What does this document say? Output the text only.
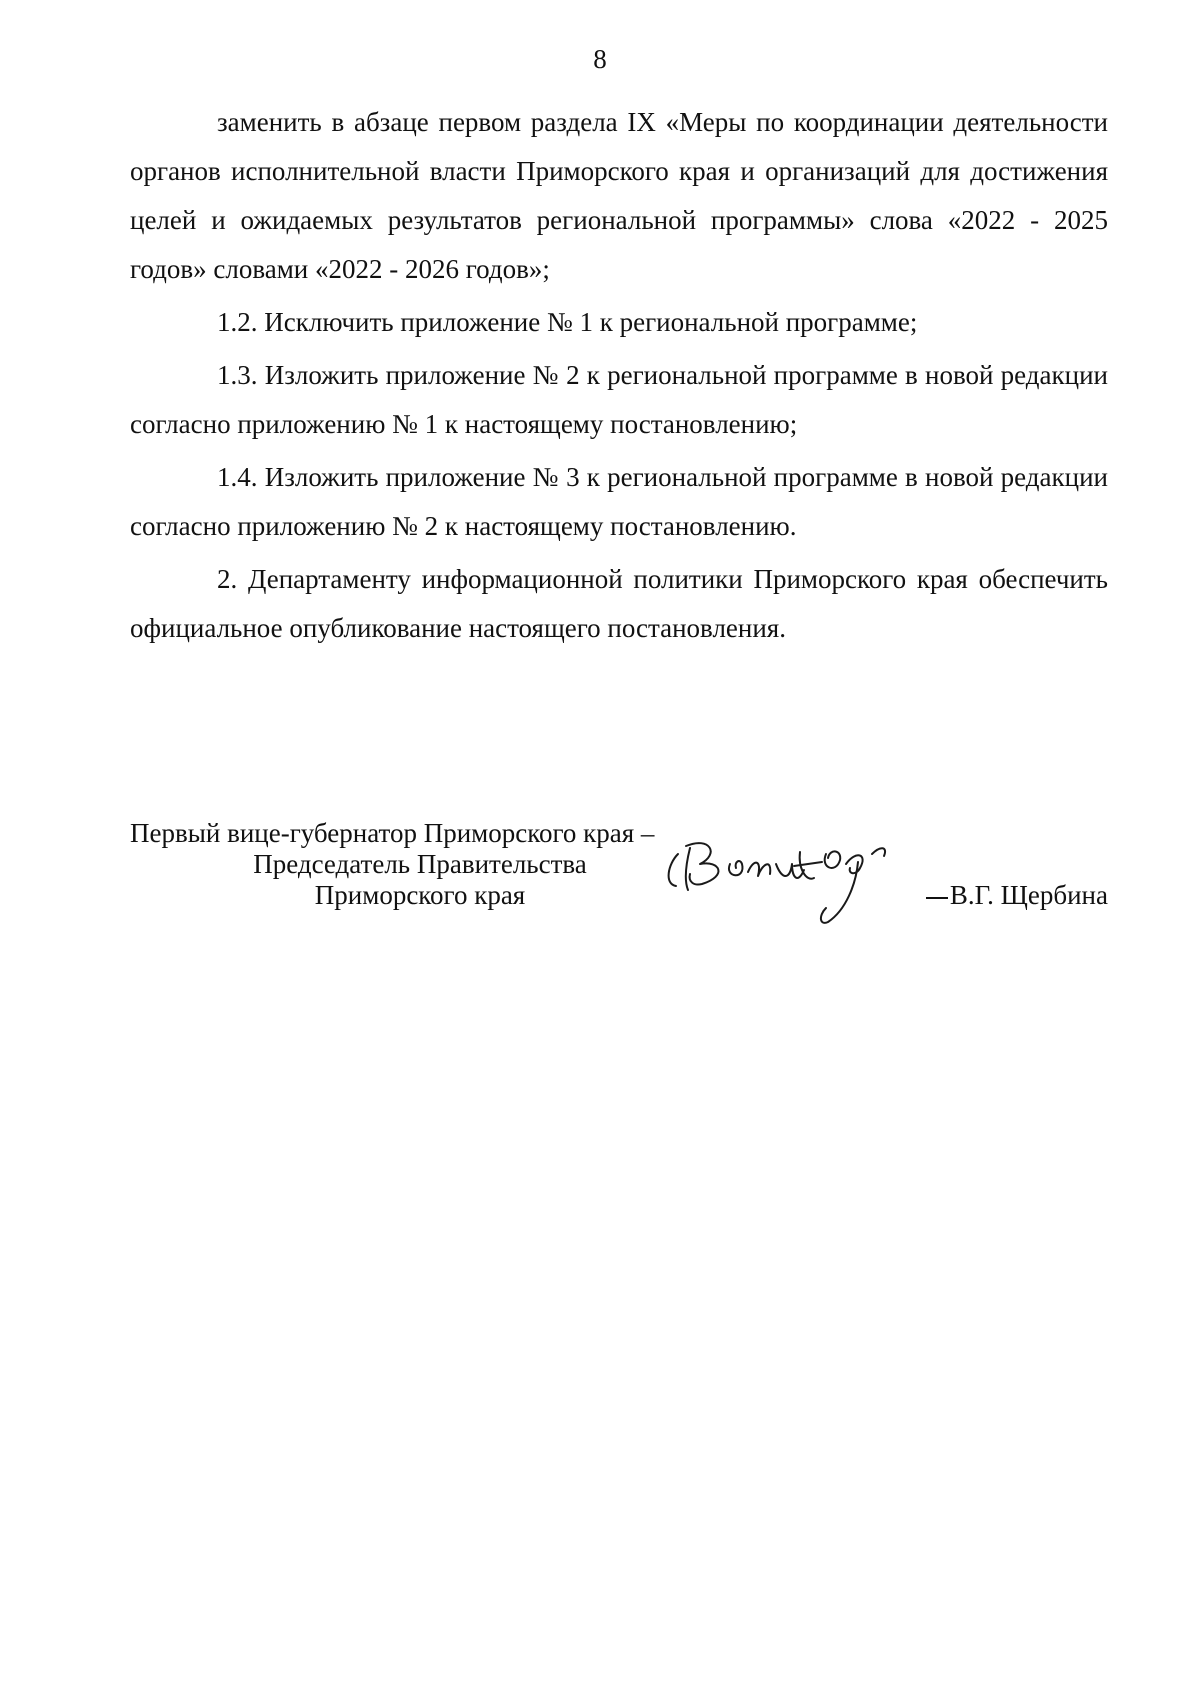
8

заменить в абзаце первом раздела IX «Меры по координации деятельности органов исполнительной власти Приморского края и организаций для достижения целей и ожидаемых результатов региональной программы» слова «2022 - 2025 годов» словами «2022 - 2026 годов»;

1.2. Исключить приложение № 1 к региональной программе;

1.3. Изложить приложение № 2 к региональной программе в новой редакции согласно приложению № 1 к настоящему постановлению;

1.4. Изложить приложение № 3 к региональной программе в новой редакции согласно приложению № 2 к настоящему постановлению.

2. Департаменту информационной политики Приморского края обеспечить официальное опубликование настоящего постановления.

Первый вице-губернатор Приморского края –
Председатель Правительства
Приморского края	В.Г. Щербина
